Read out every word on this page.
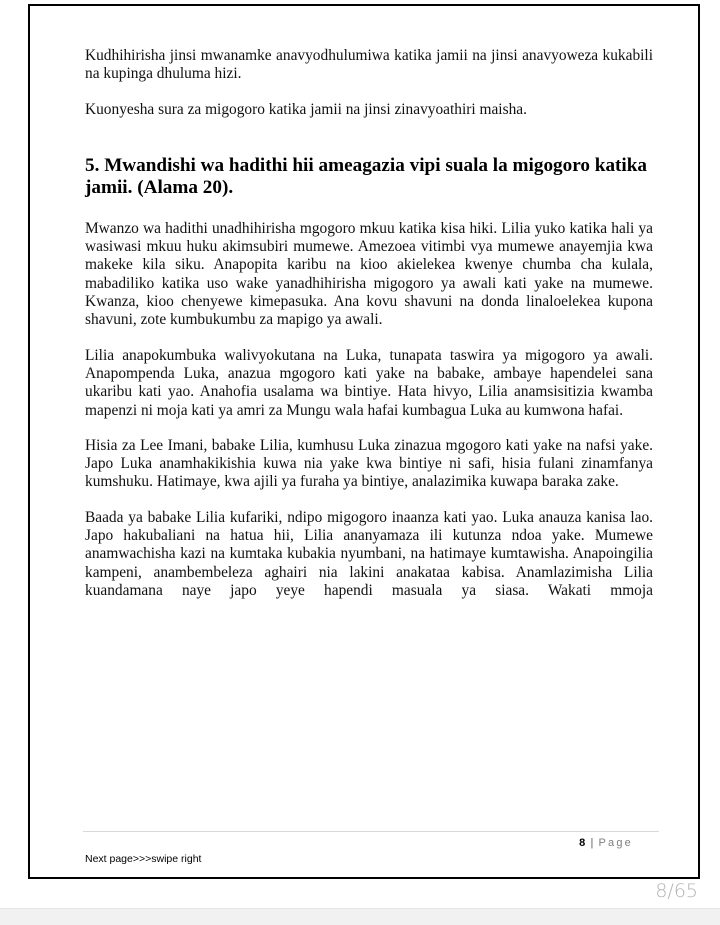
Kudhihirisha jinsi mwanamke anavyodhulumiwa katika jamii na jinsi anavyoweza kukabili na kupinga dhuluma hizi.

Kuonyesha sura za migogoro katika jamii na jinsi zinavyoathiri maisha.

5. Mwandishi wa hadithi hii ameagazia vipi suala la migogoro katika jamii. (Alama 20).

Mwanzo wa hadithi unadhihirisha mgogoro mkuu katika kisa hiki. Lilia yuko katika hali ya wasiwasi mkuu huku akimsubiri mumewe. Amezoea vitimbi vya mumewe anayemjia kwa makeke kila siku. Anapopita karibu na kioo akielekea kwenye chumba cha kulala, mabadiliko katika uso wake yanadhihirisha migogoro ya awali kati yake na mumewe. Kwanza, kioo chenyewe kimepasuka. Ana kovu shavuni na donda linaloelekea kupona shavuni, zote kumbukumbu za mapigo ya awali.

Lilia anapokumbuka walivyokutana na Luka, tunapata taswira ya migogoro ya awali. Anapompenda Luka, anazua mgogoro kati yake na babake, ambaye hapendelei sana ukaribu kati yao. Anahofia usalama wa bintiye. Hata hivyo, Lilia anamsisitizia kwamba mapenzi ni moja kati ya amri za Mungu wala hafai kumbagua Luka au kumwona hafai.

Hisia za Lee Imani, babake Lilia, kumhusu Luka zinazua mgogoro kati yake na nafsi yake. Japo Luka anamhakikishia kuwa nia yake kwa bintiye ni safi, hisia fulani zinamfanya kumshuku. Hatimaye, kwa ajili ya furaha ya bintiye, analazimika kuwapa baraka zake.

Baada ya babake Lilia kufariki, ndipo migogoro inaanza kati yao. Luka anauza kanisa lao. Japo hakubaliani na hatua hii, Lilia ananyamaza ili kutunza ndoa yake. Mumewe anamwachisha kazi na kumtaka kubakia nyumbani, na hatimaye kumtawisha. Anapoingilia kampeni, anambembeleza aghairi nia lakini anakataa kabisa. Anamlazimisha Lilia kuandamana naye japo yeye hapendi masuala ya siasa. Wakati mmoja

8 | Page
Next page>>>swipe right
8/65
